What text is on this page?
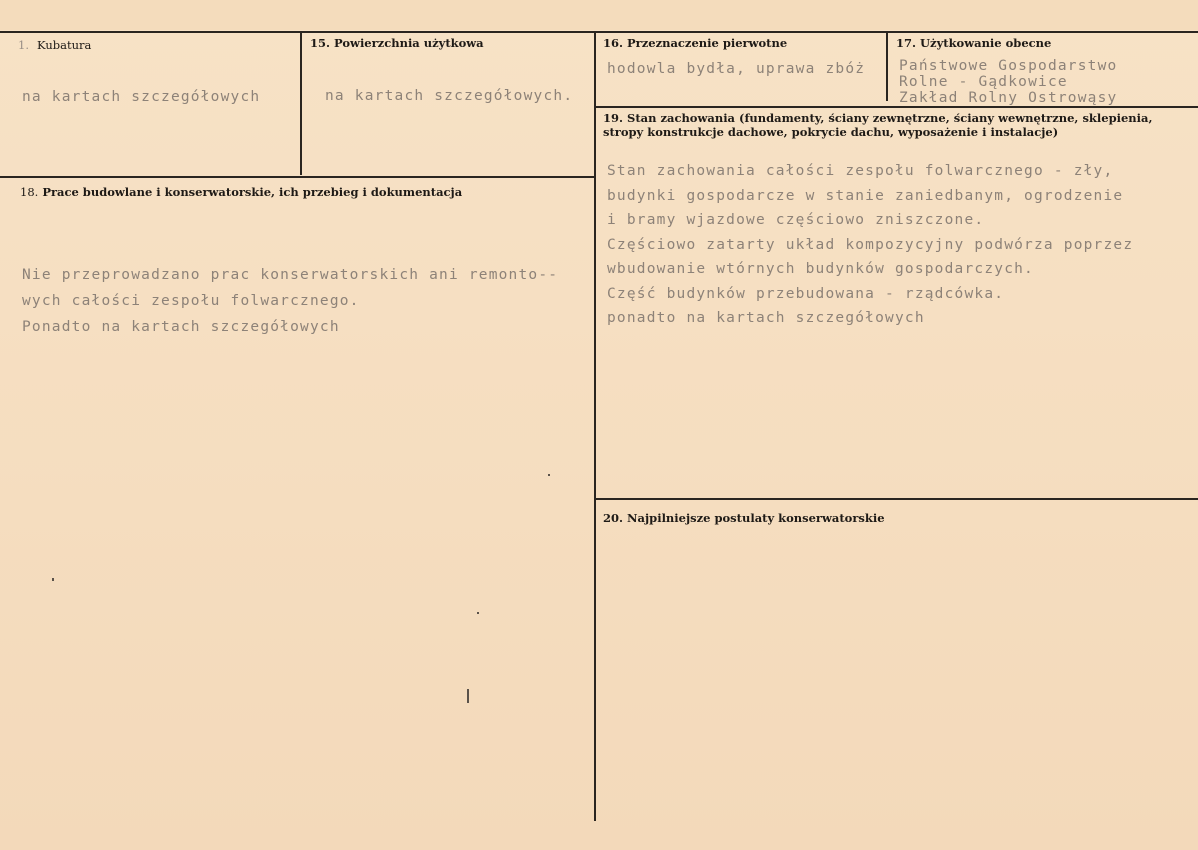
1. Kubatura
na kartach szczegółowych
15. Powierzchnia użytkowa
na kartach szczegółowych.
16. Przeznaczenie pierwotne
hodowla bydła, uprawa zbóż
17. Użytkowanie obecne
Państwowe Gospodarstwo
Rolne - Gądkowice
Zakład Rolny Ostrowąsy
19. Stan zachowania (fundamenty, ściany zewnętrzne, ściany wewnętrzne, sklepienia, stropy konstrukcje dachowe, pokrycie dachu, wyposażenie i instalacje)
Stan zachowania całości zespołu folwarcznego - zły,
budynki gospodarcze w stanie zaniedbanym, ogrodzenie
i bramy wjazdowe częściowo zniszczone.
Częściowo zatarty układ kompozycyjny podwórza poprzez
wbudowanie wtórnych budynków gospodarczych.
Część budynków przebudowana - rządcówka.
ponadto na kartach szczegółowych
18. Prace budowlane i konserwatorskie, ich przebieg i dokumentacja
Nie przeprowadzano prac konserwatorskich ani remonto--
wych całości zespołu folwarcznego.
Ponadto na kartach szczegółowych
20. Najpilniejsze postulaty konserwatorskie
